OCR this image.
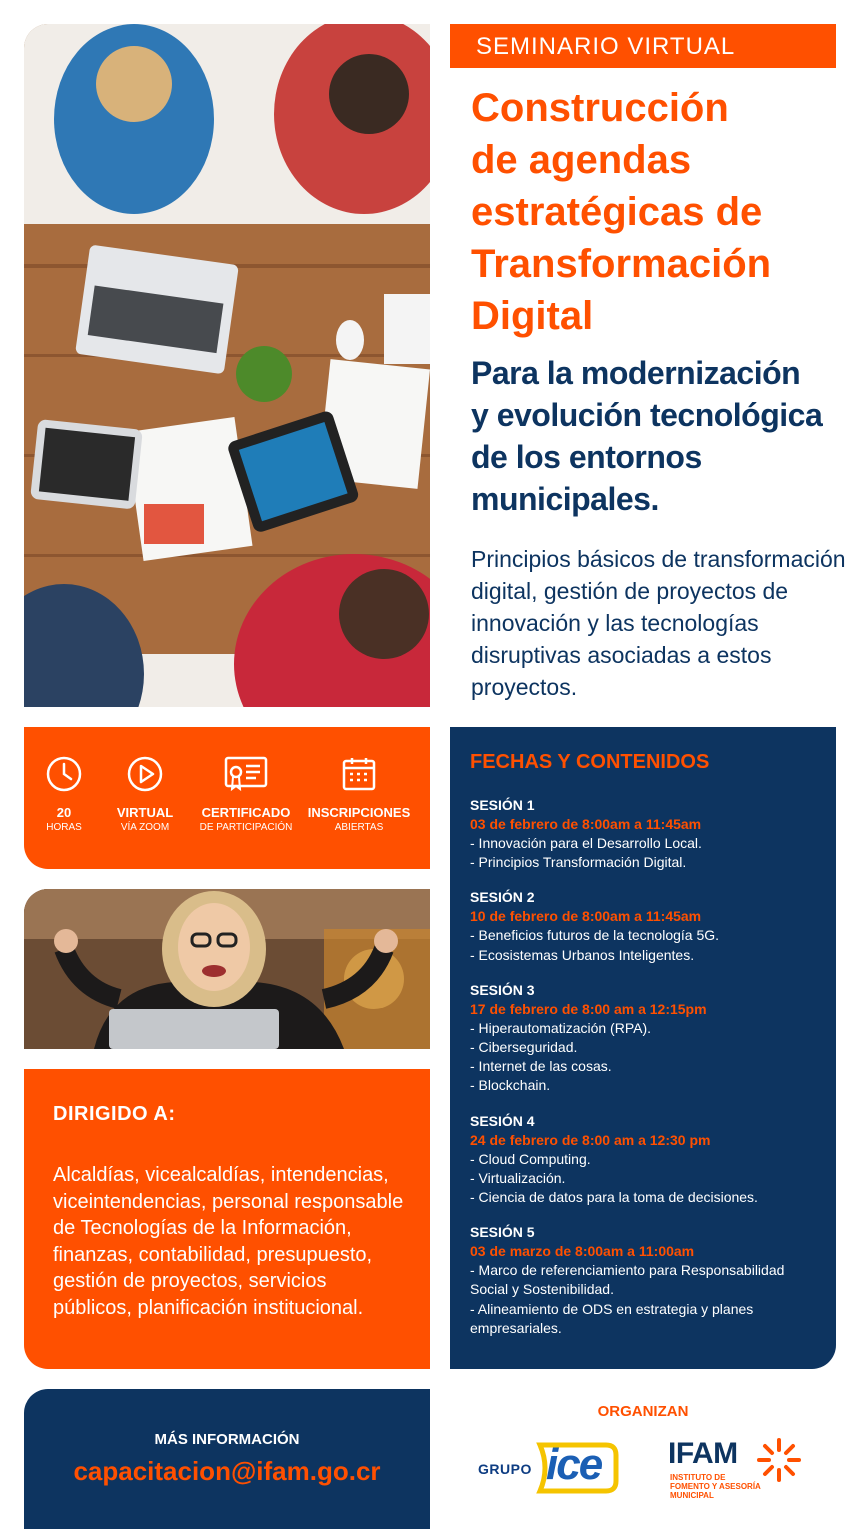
SEMINARIO VIRTUAL
Construcción
de agendas
estratégicas de
Transformación
Digital
Para la modernización
y evolución tecnológica
de los entornos
municipales.
Principios básicos de transformación digital, gestión de proyectos de innovación y las tecnologías disruptivas asociadas a estos proyectos.
20
HORAS
VIRTUAL
VÍA ZOOM
CERTIFICADO
DE PARTICIPACIÓN
INSCRIPCIONES
ABIERTAS
DIRIGIDO A:

Alcaldías, vicealcaldías, intendencias, viceintendencias, personal responsable de Tecnologías de la Información, finanzas, contabilidad, presupuesto, gestión de proyectos, servicios públicos, planificación institucional.

FECHAS Y CONTENIDOS
SESIÓN 1
03 de febrero de 8:00am a 11:45am
- Innovación para el Desarrollo Local.
- Principios Transformación Digital.
SESIÓN 2
10 de febrero de 8:00am a 11:45am
- Beneficios futuros de la tecnología 5G.
- Ecosistemas Urbanos Inteligentes.
SESIÓN 3
17 de febrero de 8:00 am a 12:15pm
- Hiperautomatización (RPA).
- Ciberseguridad.
- Internet de las cosas.
- Blockchain.
SESIÓN 4
24 de febrero de 8:00 am a 12:30 pm
- Cloud Computing.
- Virtualización.
- Ciencia de datos para la toma de decisiones.
SESIÓN 5
03 de marzo de 8:00am a 11:00am
- Marco de referenciamiento para Responsabilidad Social y Sostenibilidad.
- Alineamiento de ODS en estrategia y planes empresariales.
MÁS INFORMACIÓN
capacitacion@ifam.go.cr
ORGANIZAN
GRUPO ice IFAM
INSTITUTO DE
FOMENTO Y ASESORÍA
MUNICIPAL
